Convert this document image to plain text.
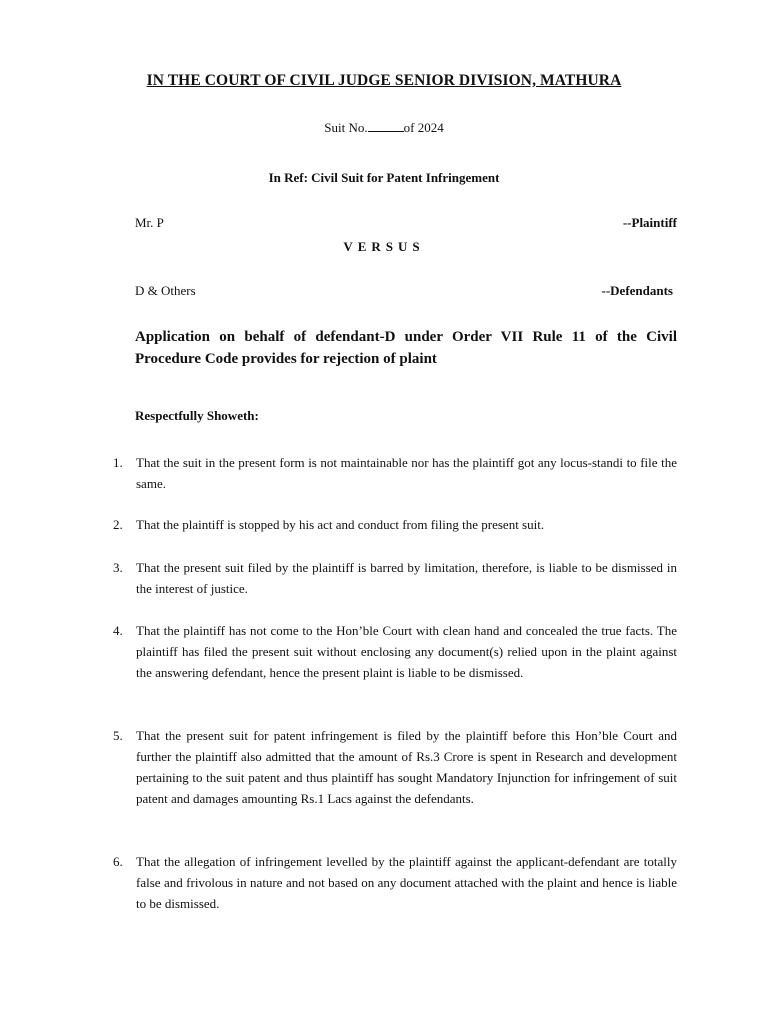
IN THE COURT OF CIVIL JUDGE SENIOR DIVISION, MATHURA
Suit No.	of 2024
In Ref: Civil Suit for Patent Infringement
Mr. P	--Plaintiff
VERSUS
D & Others	--Defendants
Application on behalf of defendant-D under Order VII Rule 11 of the Civil Procedure Code provides for rejection of plaint
Respectfully Showeth:
1.	That the suit in the present form is not maintainable nor has the plaintiff got any locus-standi to file the same.
2.	That the plaintiff is stopped by his act and conduct from filing the present suit.
3.	That the present suit filed by the plaintiff is barred by limitation, therefore, is liable to be dismissed in the interest of justice.
4.	That the plaintiff has not come to the Hon’ble Court with clean hand and concealed the true facts. The plaintiff has filed the present suit without enclosing any document(s) relied upon in the plaint against the answering defendant, hence the present plaint is liable to be dismissed.
5.	That the present suit for patent infringement is filed by the plaintiff before this Hon’ble Court and further the plaintiff also admitted that the amount of Rs.3 Crore is spent in Research and development pertaining to the suit patent and thus plaintiff has sought Mandatory Injunction for infringement of suit patent and damages amounting Rs.1 Lacs against the defendants.
6.	That the allegation of infringement levelled by the plaintiff against the applicant-defendant are totally false and frivolous in nature and not based on any document attached with the plaint and hence is liable to be dismissed.
